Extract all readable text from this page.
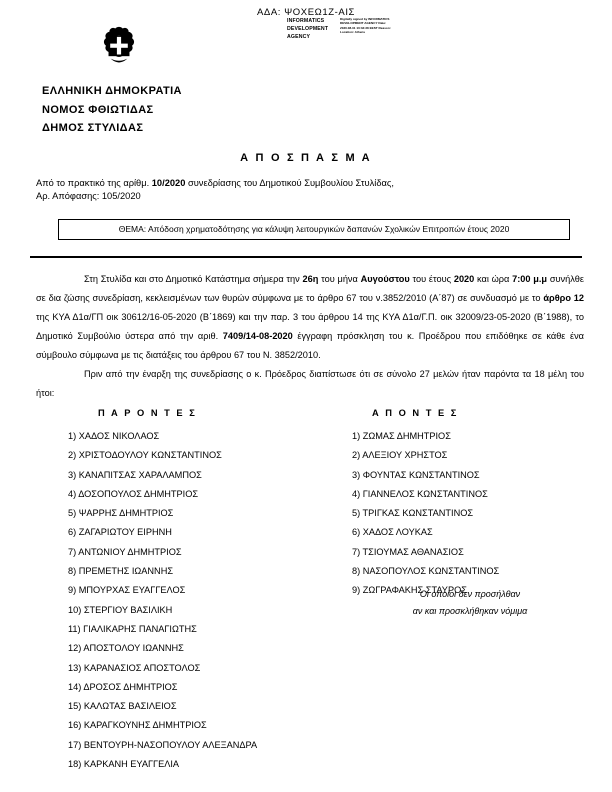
ΑΔΑ: ΨΟΧΕΩ1Ζ-ΑΙΣ
INFORMATICS DEVELOPMENT AGENCY
Digitally signed by INFORMATICS DEVELOPMENT AGENCY Date: 2020.08.31 10:34:38 EEST Reason: Location: Athens
ΕΛΛΗΝΙΚΗ ΔΗΜΟΚΡΑΤΙΑ
ΝΟΜΟΣ ΦΘΙΩΤΙΔΑΣ
ΔΗΜΟΣ ΣΤΥΛΙΔΑΣ
Α Π Ο Σ Π Α Σ Μ Α
Από το πρακτικό της αρίθμ. 10/2020 συνεδρίασης του Δημοτικού Συμβουλίου Στυλίδας,
Αρ. Απόφασης: 105/2020
ΘΕΜΑ: Απόδοση χρηματοδότησης για κάλυψη λειτουργικών δαπανών Σχολικών Επιτροπών έτους 2020

Στη Στυλίδα και στο Δημοτικό Κατάστημα σήμερα την 26η του μήνα Αυγούστου του έτους 2020 και ώρα 7:00 μ.μ συνήλθε σε δια ζώσης συνεδρίαση, κεκλεισμένων των θυρών σύμφωνα με το άρθρο 67 του ν.3852/2010 (Α΄87) σε συνδυασμό με το άρθρο 12 της ΚΥΑ Δ1α/ΓΠ οικ 30612/16-05-2020 (Β΄1869) και την παρ. 3 του άρθρου 14 της ΚΥΑ Δ1α/Γ.Π. οικ 32009/23-05-2020 (Β΄1988), το Δημοτικό Συμβούλιο ύστερα από την αριθ. 7409/14-08-2020 έγγραφη πρόσκληση του κ. Προέδρου που επιδόθηκε σε κάθε ένα σύμβουλο σύμφωνα με τις διατάξεις του άρθρου 67 του Ν. 3852/2010.

Πριν από την έναρξη της συνεδρίασης ο κ. Πρόεδρος διαπίστωσε ότι σε σύνολο 27 μελών ήταν παρόντα τα 18 μέλη του ήτοι:

Π Α Ρ Ο Ν Τ Ε Σ	Α Π Ο Ν Τ Ε Σ
1) ΧΑΔΟΣ ΝΙΚΟΛΑΟΣ
2) ΧΡΙΣΤΟΔΟΥΛΟΥ ΚΩΝΣΤΑΝΤΙΝΟΣ
3) ΚΑΝΑΠΙΤΣΑΣ ΧΑΡΑΛΑΜΠΟΣ
4) ΔΟΣΟΠΟΥΛΟΣ ΔΗΜΗΤΡΙΟΣ
5) ΨΑΡΡΗΣ ΔΗΜΗΤΡΙΟΣ
6) ΖΑΓΑΡΙΩΤΟΥ ΕΙΡΗΝΗ
7) ΑΝΤΩΝΙΟΥ ΔΗΜΗΤΡΙΟΣ
8) ΠΡΕΜΕΤΗΣ ΙΩΑΝΝΗΣ
9) ΜΠΟΥΡΧΑΣ ΕΥΑΓΓΕΛΟΣ
10) ΣΤΕΡΓΙΟΥ ΒΑΣΙΛΙΚΗ
11) ΓΙΑΛΙΚΑΡΗΣ ΠΑΝΑΓΙΩΤΗΣ
12) ΑΠΟΣΤΟΛΟΥ ΙΩΑΝΝΗΣ
13) ΚΑΡΑΝΑΣΙΟΣ ΑΠΟΣΤΟΛΟΣ
14) ΔΡΟΣΟΣ ΔΗΜΗΤΡΙΟΣ
15) ΚΑΛΩΤΑΣ ΒΑΣΙΛΕΙΟΣ
16) ΚΑΡΑΓΚΟΥΝΗΣ ΔΗΜΗΤΡΙΟΣ
17) ΒΕΝΤΟΥΡΗ-ΝΑΣΟΠΟΥΛΟΥ ΑΛΕΞΑΝΔΡΑ
18) ΚΑΡΚΑΝΗ ΕΥΑΓΓΕΛΙΑ
1) ΖΩΜΑΣ ΔΗΜΗΤΡΙΟΣ
2) ΑΛΕΞΙΟΥ ΧΡΗΣΤΟΣ
3) ΦΟΥΝΤΑΣ ΚΩΝΣΤΑΝΤΙΝΟΣ
4) ΓΙΑΝΝΕΛΟΣ ΚΩΝΣΤΑΝΤΙΝΟΣ
5) ΤΡΙΓΚΑΣ ΚΩΝΣΤΑΝΤΙΝΟΣ
6) ΧΑΔΟΣ ΛΟΥΚΑΣ
7) ΤΣΙΟΥΜΑΣ ΑΘΑΝΑΣΙΟΣ
8) ΝΑΣΟΠΟΥΛΟΣ ΚΩΝΣΤΑΝΤΙΝΟΣ
9) ΖΩΓΡΑΦΑΚΗΣ ΣΤΑΥΡΟΣ
Οι οποίοι δεν προσήλθαν
αν και προσκλήθηκαν νόμιμα
